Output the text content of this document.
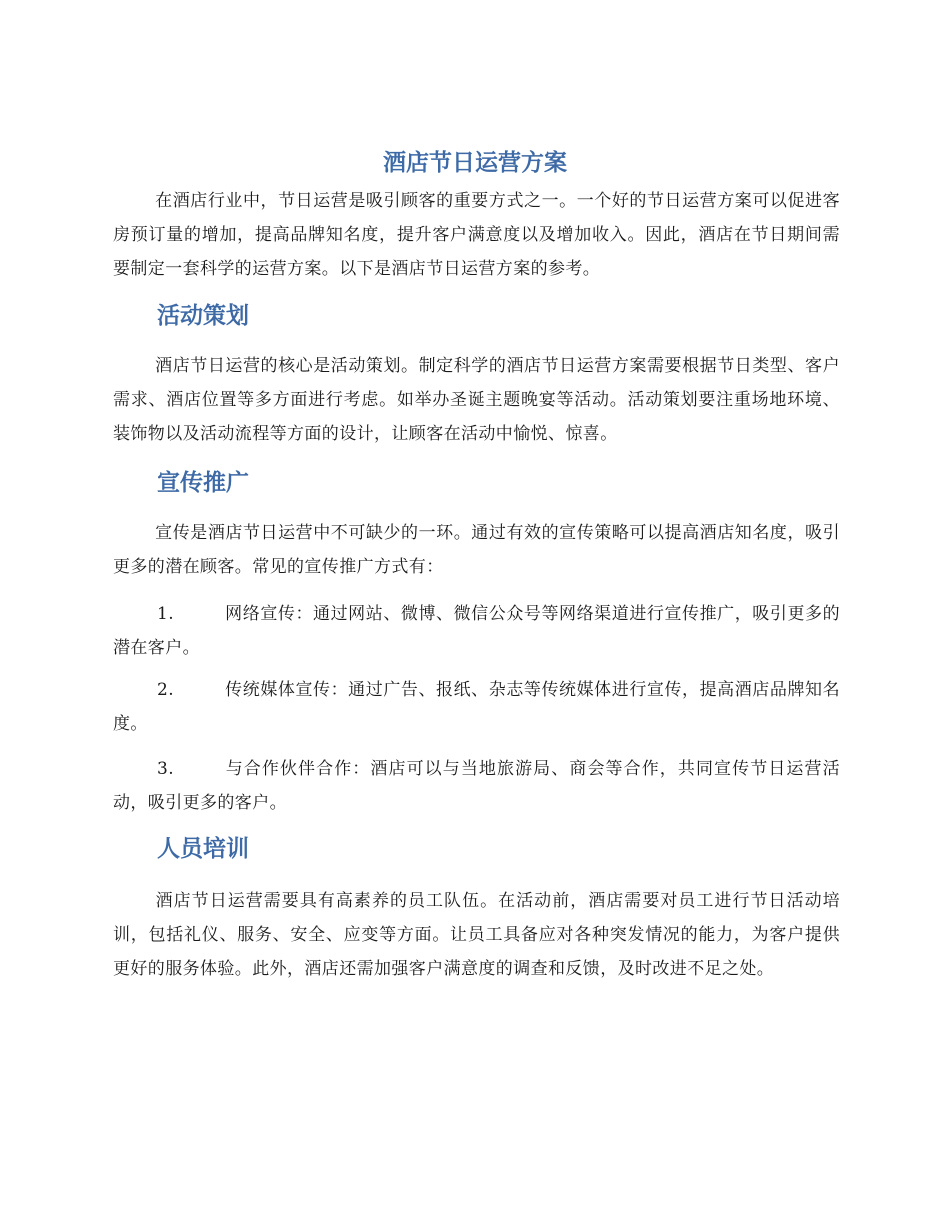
酒店节日运营方案
在酒店行业中，节日运营是吸引顾客的重要方式之一。一个好的节日运营方案可以促进客房预订量的增加，提高品牌知名度，提升客户满意度以及增加收入。因此，酒店在节日期间需要制定一套科学的运营方案。以下是酒店节日运营方案的参考。
活动策划
酒店节日运营的核心是活动策划。制定科学的酒店节日运营方案需要根据节日类型、客户需求、酒店位置等多方面进行考虑。如举办圣诞主题晚宴等活动。活动策划要注重场地环境、装饰物以及活动流程等方面的设计，让顾客在活动中愉悦、惊喜。
宣传推广
宣传是酒店节日运营中不可缺少的一环。通过有效的宣传策略可以提高酒店知名度，吸引更多的潜在顾客。常见的宣传推广方式有：
1.	网络宣传：通过网站、微博、微信公众号等网络渠道进行宣传推广，吸引更多的潜在客户。
2.	传统媒体宣传：通过广告、报纸、杂志等传统媒体进行宣传，提高酒店品牌知名度。
3.	与合作伙伴合作：酒店可以与当地旅游局、商会等合作，共同宣传节日运营活动，吸引更多的客户。
人员培训
酒店节日运营需要具有高素养的员工队伍。在活动前，酒店需要对员工进行节日活动培训，包括礼仪、服务、安全、应变等方面。让员工具备应对各种突发情况的能力，为客户提供更好的服务体验。此外，酒店还需加强客户满意度的调查和反馈，及时改进不足之处。
